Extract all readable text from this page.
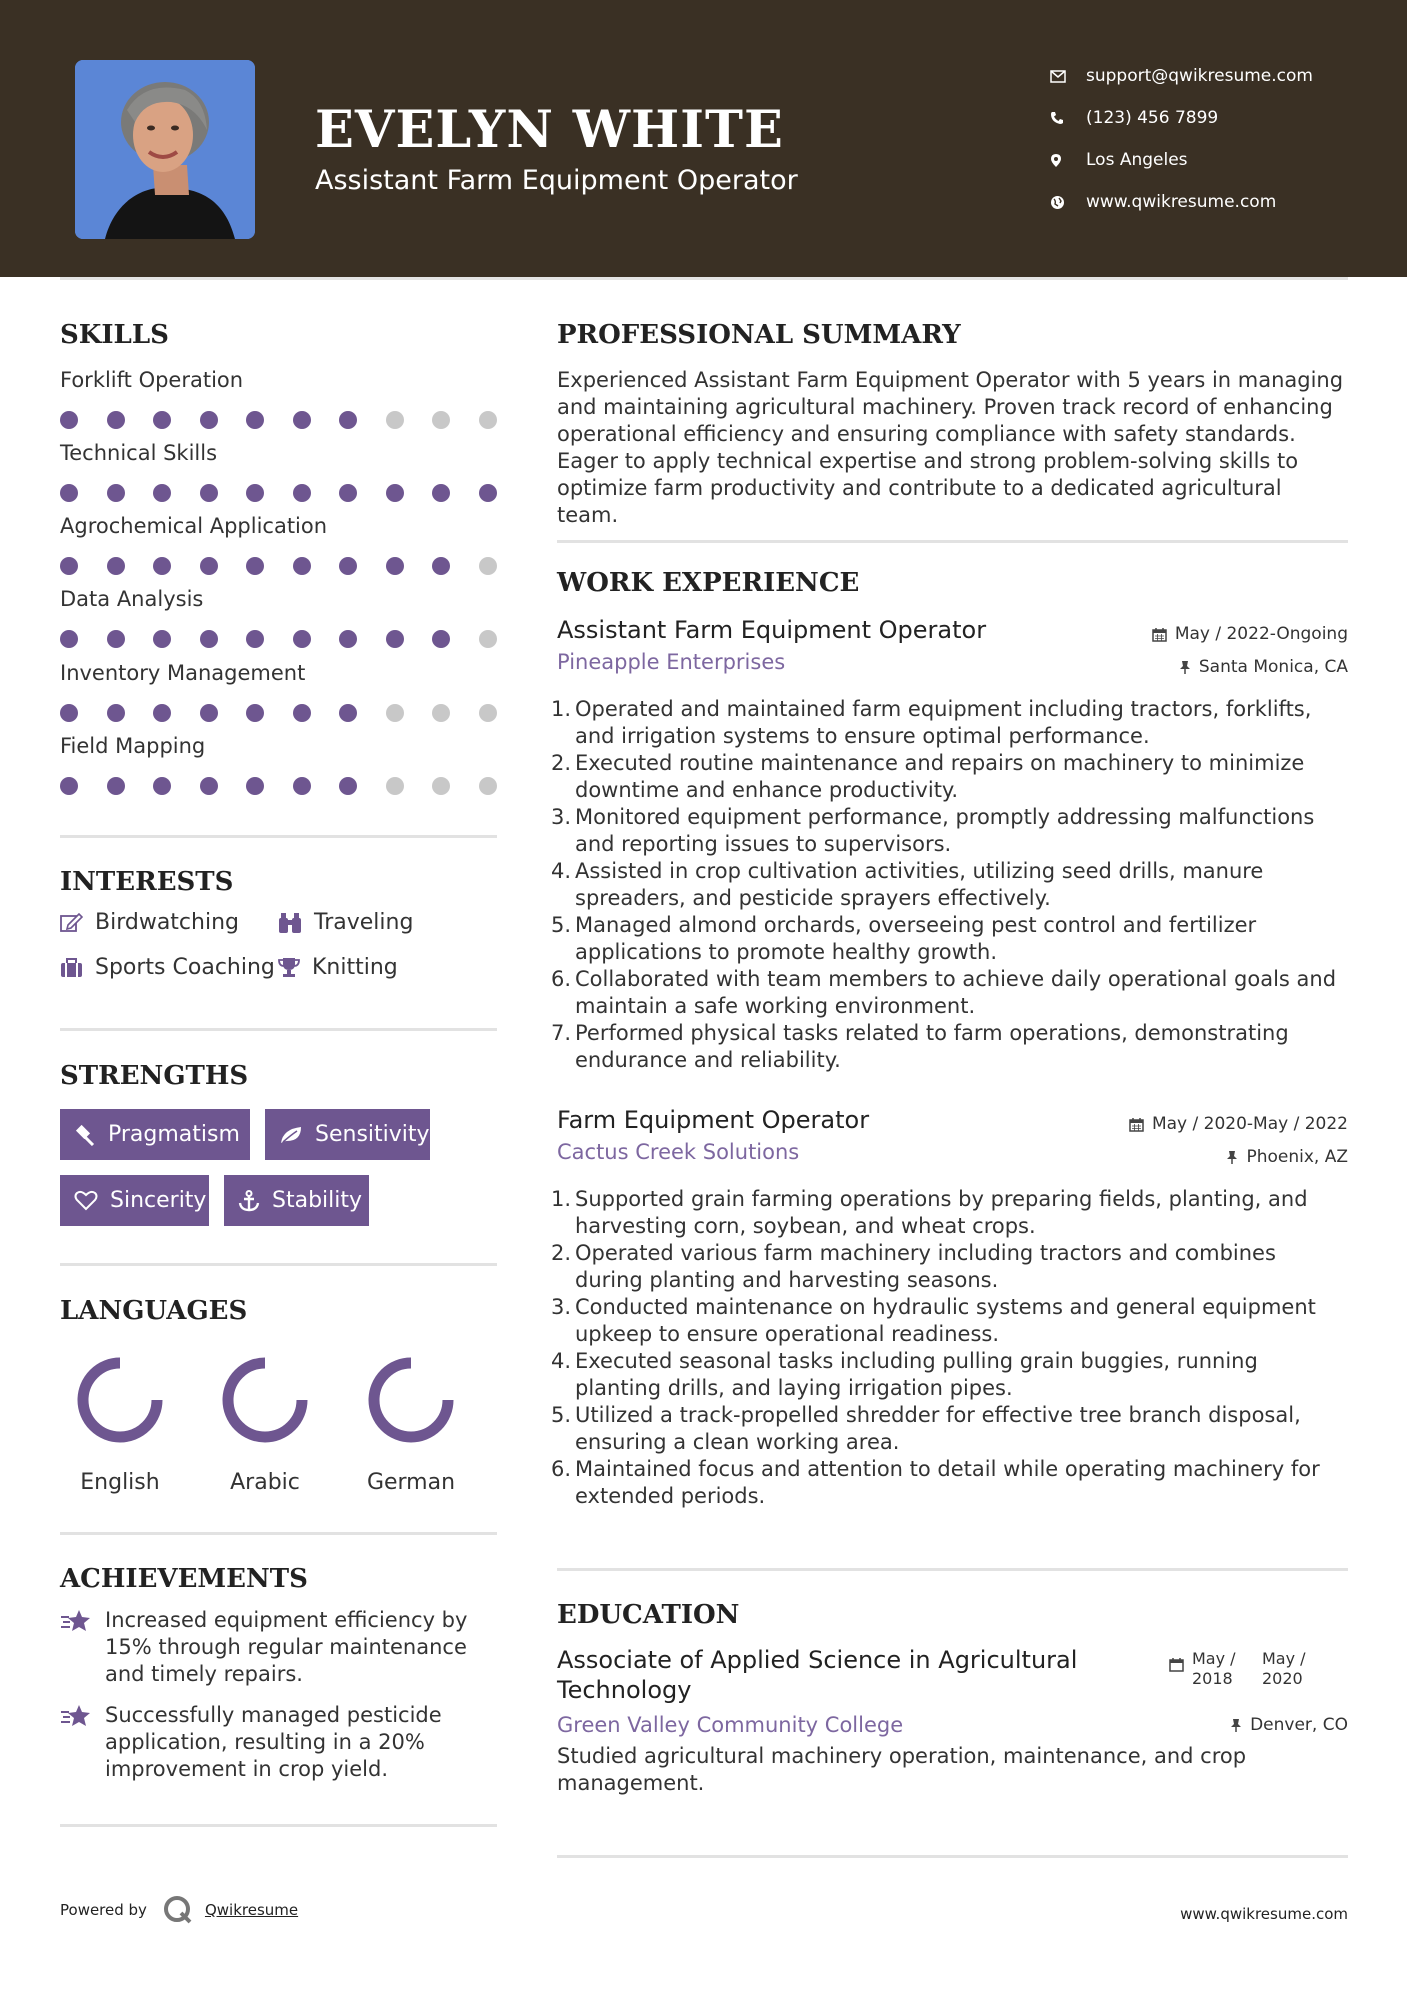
EVELYN WHITE
Assistant Farm Equipment Operator
support@qwikresume.com
(123) 456 7899
Los Angeles
www.qwikresume.com
SKILLS
Forklift Operation
Technical Skills
Agrochemical Application
Data Analysis
Inventory Management
Field Mapping
INTERESTS
Birdwatching	Traveling
Sports Coaching Knitting
STRENGTHS
Pragmatism	Sensitivity
Sincerity	Stability
LANGUAGES
English	Arabic	German
ACHIEVEMENTS
Increased equipment efficiency by 15% through regular maintenance and timely repairs.
Successfully managed pesticide application, resulting in a 20% improvement in crop yield.
PROFESSIONAL SUMMARY
Experienced Assistant Farm Equipment Operator with 5 years in managing and maintaining agricultural machinery. Proven track record of enhancing operational efficiency and ensuring compliance with safety standards. Eager to apply technical expertise and strong problem-solving skills to optimize farm productivity and contribute to a dedicated agricultural team.
WORK EXPERIENCE
Assistant Farm Equipment Operator	May / 2022-Ongoing
Pineapple Enterprises	Santa Monica, CA
1. Operated and maintained farm equipment including tractors, forklifts, and irrigation systems to ensure optimal performance.
2. Executed routine maintenance and repairs on machinery to minimize downtime and enhance productivity.
3. Monitored equipment performance, promptly addressing malfunctions and reporting issues to supervisors.
4. Assisted in crop cultivation activities, utilizing seed drills, manure spreaders, and pesticide sprayers effectively.
5. Managed almond orchards, overseeing pest control and fertilizer applications to promote healthy growth.
6. Collaborated with team members to achieve daily operational goals and maintain a safe working environment.
7. Performed physical tasks related to farm operations, demonstrating endurance and reliability.
Farm Equipment Operator	May / 2020-May / 2022
Cactus Creek Solutions	Phoenix, AZ
1. Supported grain farming operations by preparing fields, planting, and harvesting corn, soybean, and wheat crops.
2. Operated various farm machinery including tractors and combines during planting and harvesting seasons.
3. Conducted maintenance on hydraulic systems and general equipment upkeep to ensure operational readiness.
4. Executed seasonal tasks including pulling grain buggies, running planting drills, and laying irrigation pipes.
5. Utilized a track-propelled shredder for effective tree branch disposal, ensuring a clean working area.
6. Maintained focus and attention to detail while operating machinery for extended periods.
EDUCATION
Associate of Applied Science in Agricultural Technology
May /
2018
May /
2020
Green Valley Community College	Denver, CO
Studied agricultural machinery operation, maintenance, and crop management.
Powered by	Qwikresume	www.qwikresume.com
